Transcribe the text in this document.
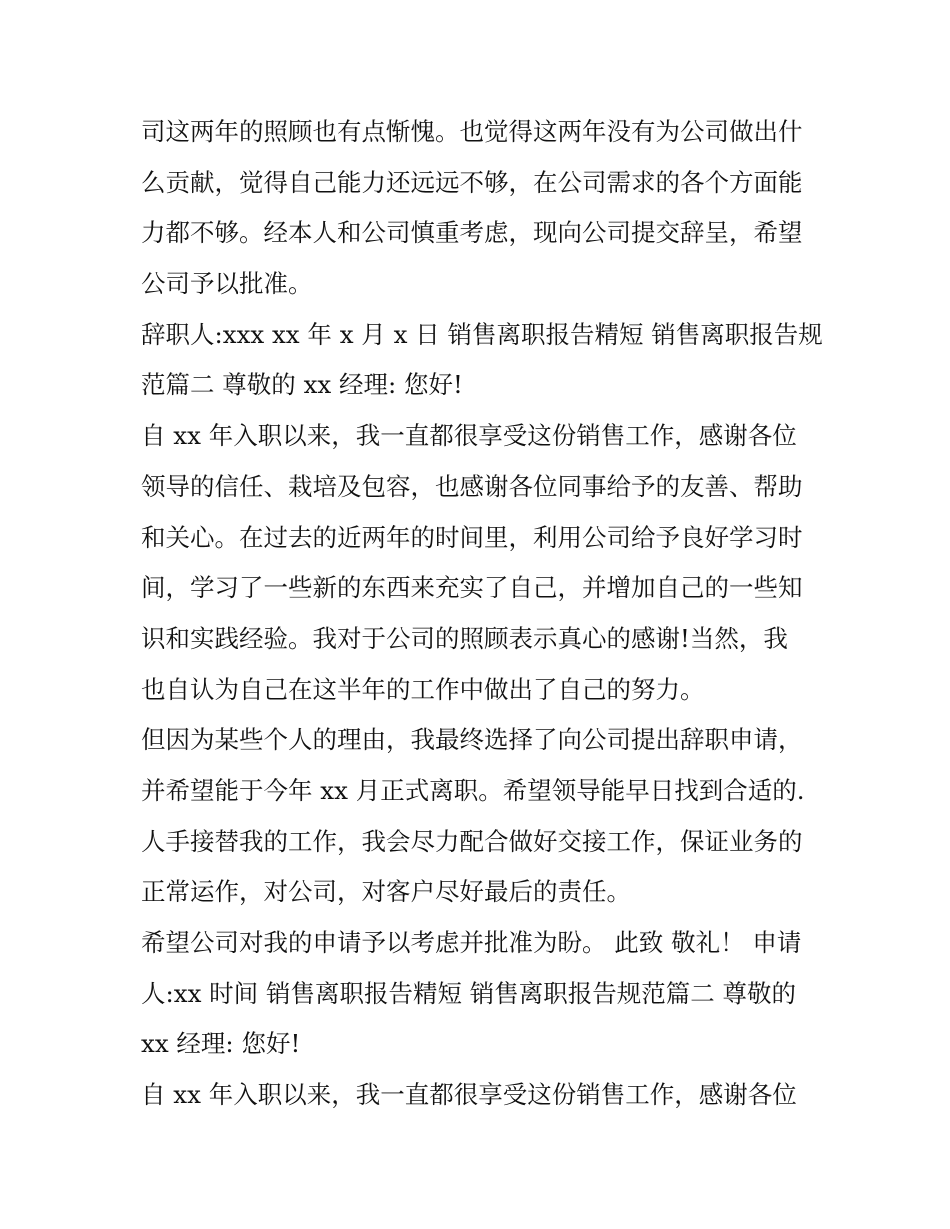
司这两年的照顾也有点惭愧。也觉得这两年没有为公司做出什
么贡献，觉得自己能力还远远不够，在公司需求的各个方面能
力都不够。经本人和公司慎重考虑，现向公司提交辞呈，希望
公司予以批准。
辞职人:xxx xx 年 x 月 x 日 销售离职报告精短 销售离职报告规
范篇二 尊敬的 xx 经理: 您好!
自 xx 年入职以来，我一直都很享受这份销售工作，感谢各位
领导的信任、栽培及包容，也感谢各位同事给予的友善、帮助
和关心。在过去的近两年的时间里，利用公司给予良好学习时
间，学习了一些新的东西来充实了自己，并增加自己的一些知
识和实践经验。我对于公司的照顾表示真心的感谢!当然，我
也自认为自己在这半年的工作中做出了自己的努力。
但因为某些个人的理由，我最终选择了向公司提出辞职申请，
并希望能于今年 xx 月正式离职。希望领导能早日找到合适的.
人手接替我的工作，我会尽力配合做好交接工作，保证业务的
正常运作，对公司，对客户尽好最后的责任。
希望公司对我的申请予以考虑并批准为盼。 此致 敬礼！ 申请
人:xx 时间 销售离职报告精短 销售离职报告规范篇二 尊敬的
xx 经理: 您好!
自 xx 年入职以来，我一直都很享受这份销售工作，感谢各位
